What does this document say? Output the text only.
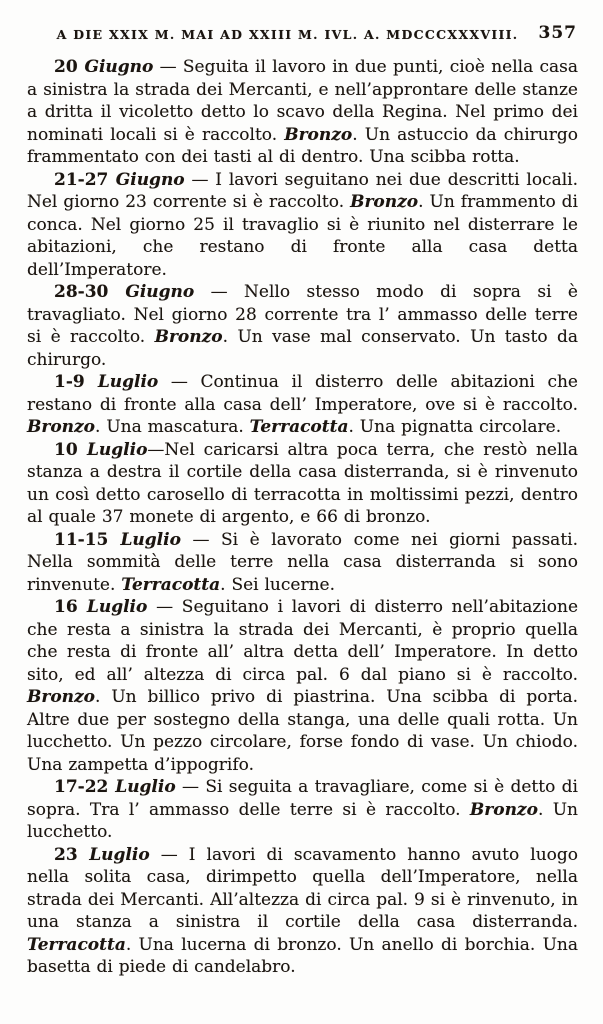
A DIE XXIX M. MAI AD XXIII M. IVL. A. MDCCCXXXVIII.	357

20 Giugno — Seguita il lavoro in due punti, cioè nella casa a sinistra la strada dei Mercanti, e nell’approntare delle stanze a dritta il vicoletto detto lo scavo della Regina. Nel primo dei nominati locali si è raccolto. Bronzo. Un astuccio da chirurgo frammentato con dei tasti al di dentro. Una scibba rotta.

21-27 Giugno — I lavori seguitano nei due descritti locali. Nel giorno 23 corrente si è raccolto. Bronzo. Un frammento di conca. Nel giorno 25 il travaglio si è riunito nel disterrare le abitazioni, che restano di fronte alla casa detta dell’Imperatore.

28-30 Giugno — Nello stesso modo di sopra si è travagliato. Nel giorno 28 corrente tra l’ ammasso delle terre si è raccolto. Bronzo. Un vase mal conservato. Un tasto da chirurgo.

1-9 Luglio — Continua il disterro delle abitazioni che restano di fronte alla casa dell’ Imperatore, ove si è raccolto. Bronzo. Una mascatura. Terracotta. Una pignatta circolare.

10 Luglio—Nel caricarsi altra poca terra, che restò nella stanza a destra il cortile della casa disterranda, si è rinvenuto un così detto carosello di terracotta in moltissimi pezzi, dentro al quale 37 monete di argento, e 66 di bronzo.

11-15 Luglio — Si è lavorato come nei giorni passati. Nella sommità delle terre nella casa disterranda si sono rinvenute. Terracotta. Sei lucerne.

16 Luglio — Seguitano i lavori di disterro nell’abitazione che resta a sinistra la strada dei Mercanti, è proprio quella che resta di fronte all’ altra detta dell’ Imperatore. In detto sito, ed all’ altezza di circa pal. 6 dal piano si è raccolto. Bronzo. Un billico privo di piastrina. Una scibba di porta. Altre due per sostegno della stanga, una delle quali rotta. Un lucchetto. Un pezzo circolare, forse fondo di vase. Un chiodo. Una zampetta d’ippogrifo.

17-22 Luglio — Si seguita a travagliare, come si è detto di sopra. Tra l’ ammasso delle terre si è raccolto. Bronzo. Un lucchetto.

23 Luglio — I lavori di scavamento hanno avuto luogo nella solita casa, dirimpetto quella dell’Imperatore, nella strada dei Mercanti. All’altezza di circa pal. 9 si è rinvenuto, in una stanza a sinistra il cortile della casa disterranda. Terracotta. Una lucerna di bronzo. Un anello di borchia. Una basetta di piede di candelabro.
